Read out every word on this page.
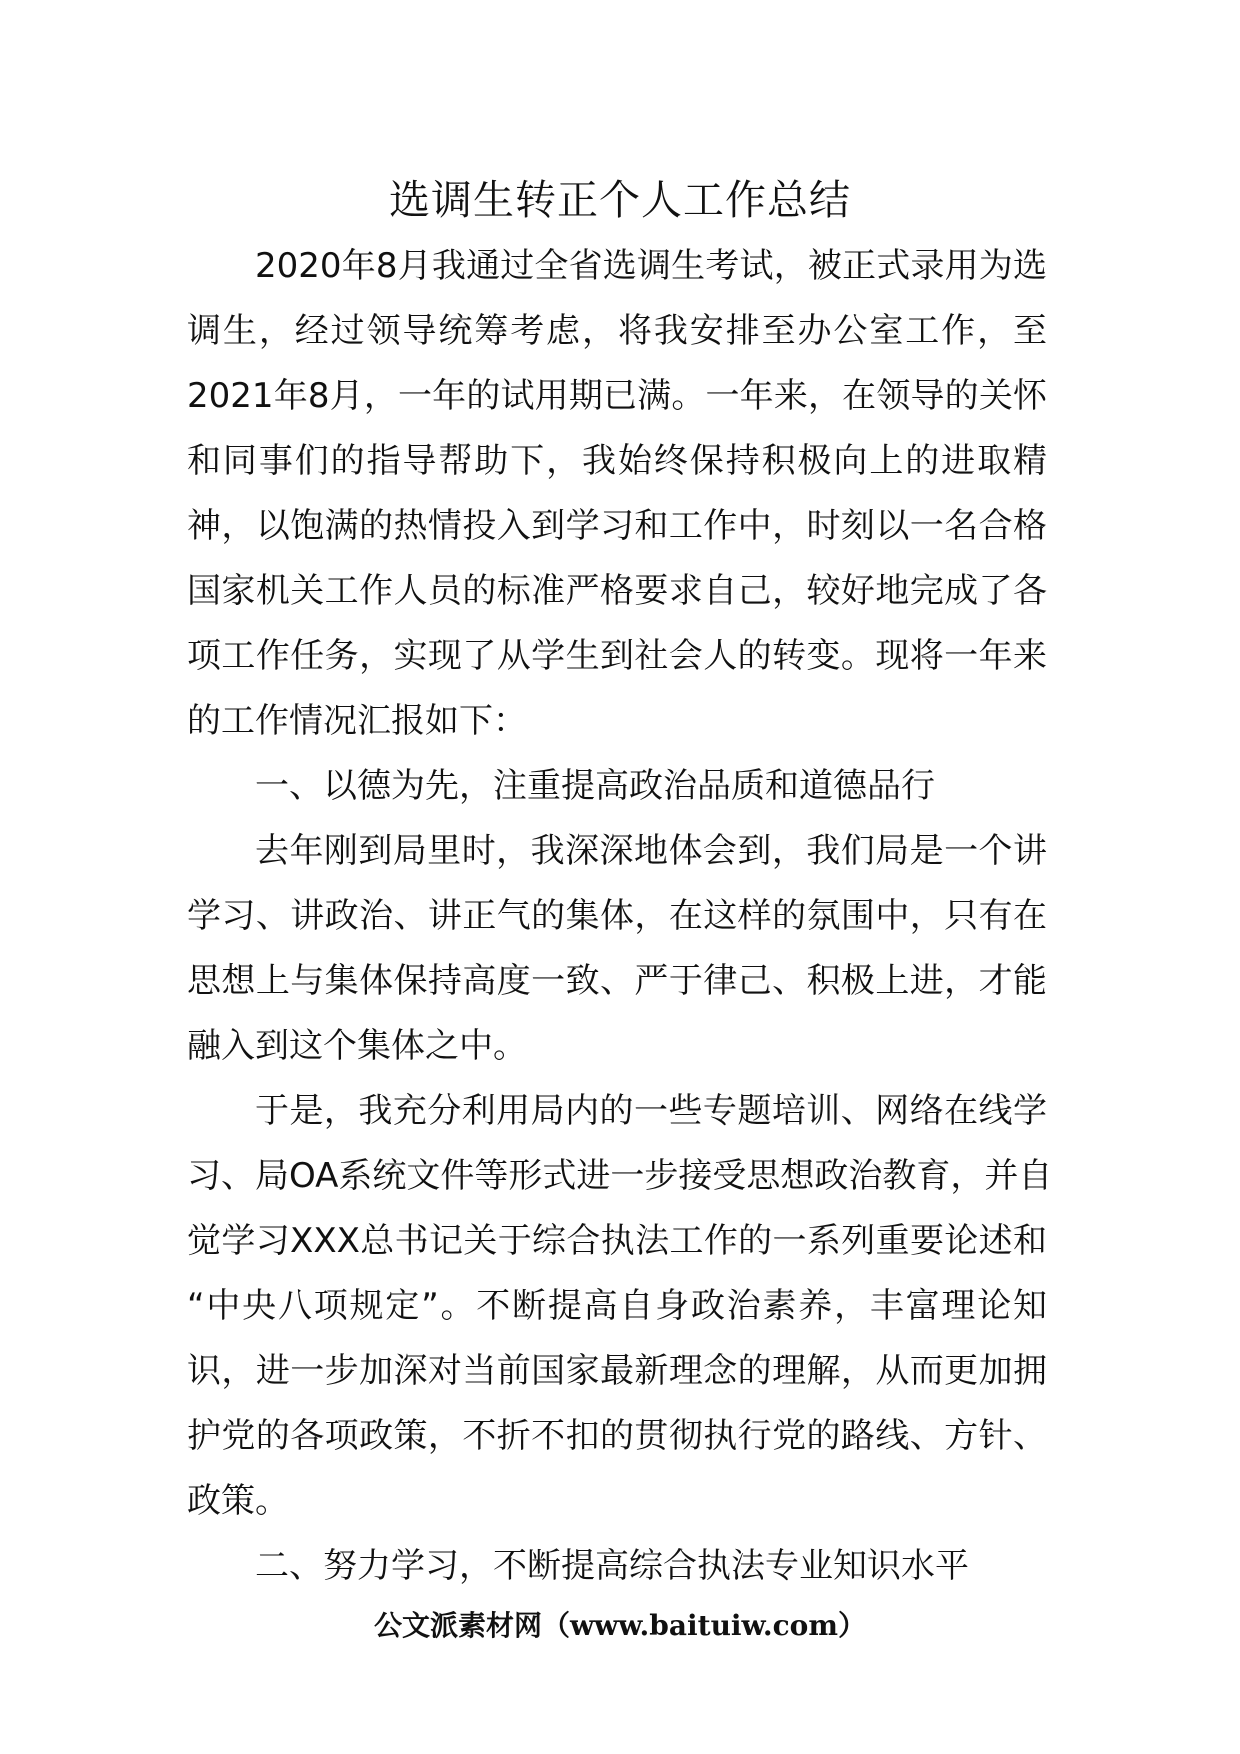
选调生转正个人工作总结
2020年8月我通过全省选调生考试，被正式录用为选
调生，经过领导统筹考虑，将我安排至办公室工作，至
2021年8月，一年的试用期已满。一年来，在领导的关怀
和同事们的指导帮助下，我始终保持积极向上的进取精
神，以饱满的热情投入到学习和工作中，时刻以一名合格
国家机关工作人员的标准严格要求自己，较好地完成了各
项工作任务，实现了从学生到社会人的转变。现将一年来
的工作情况汇报如下：
一、以德为先，注重提高政治品质和道德品行
去年刚到局里时，我深深地体会到，我们局是一个讲
学习、讲政治、讲正气的集体，在这样的氛围中，只有在
思想上与集体保持高度一致、严于律己、积极上进，才能
融入到这个集体之中。
于是，我充分利用局内的一些专题培训、网络在线学
习、局OA系统文件等形式进一步接受思想政治教育，并自
觉学习XXX总书记关于综合执法工作的一系列重要论述和
“中央八项规定”。不断提高自身政治素养，丰富理论知
识，进一步加深对当前国家最新理念的理解，从而更加拥
护党的各项政策，不折不扣的贯彻执行党的路线、方针、
政策。
二、努力学习，不断提高综合执法专业知识水平
公文派素材网（www.baituiw.com）
